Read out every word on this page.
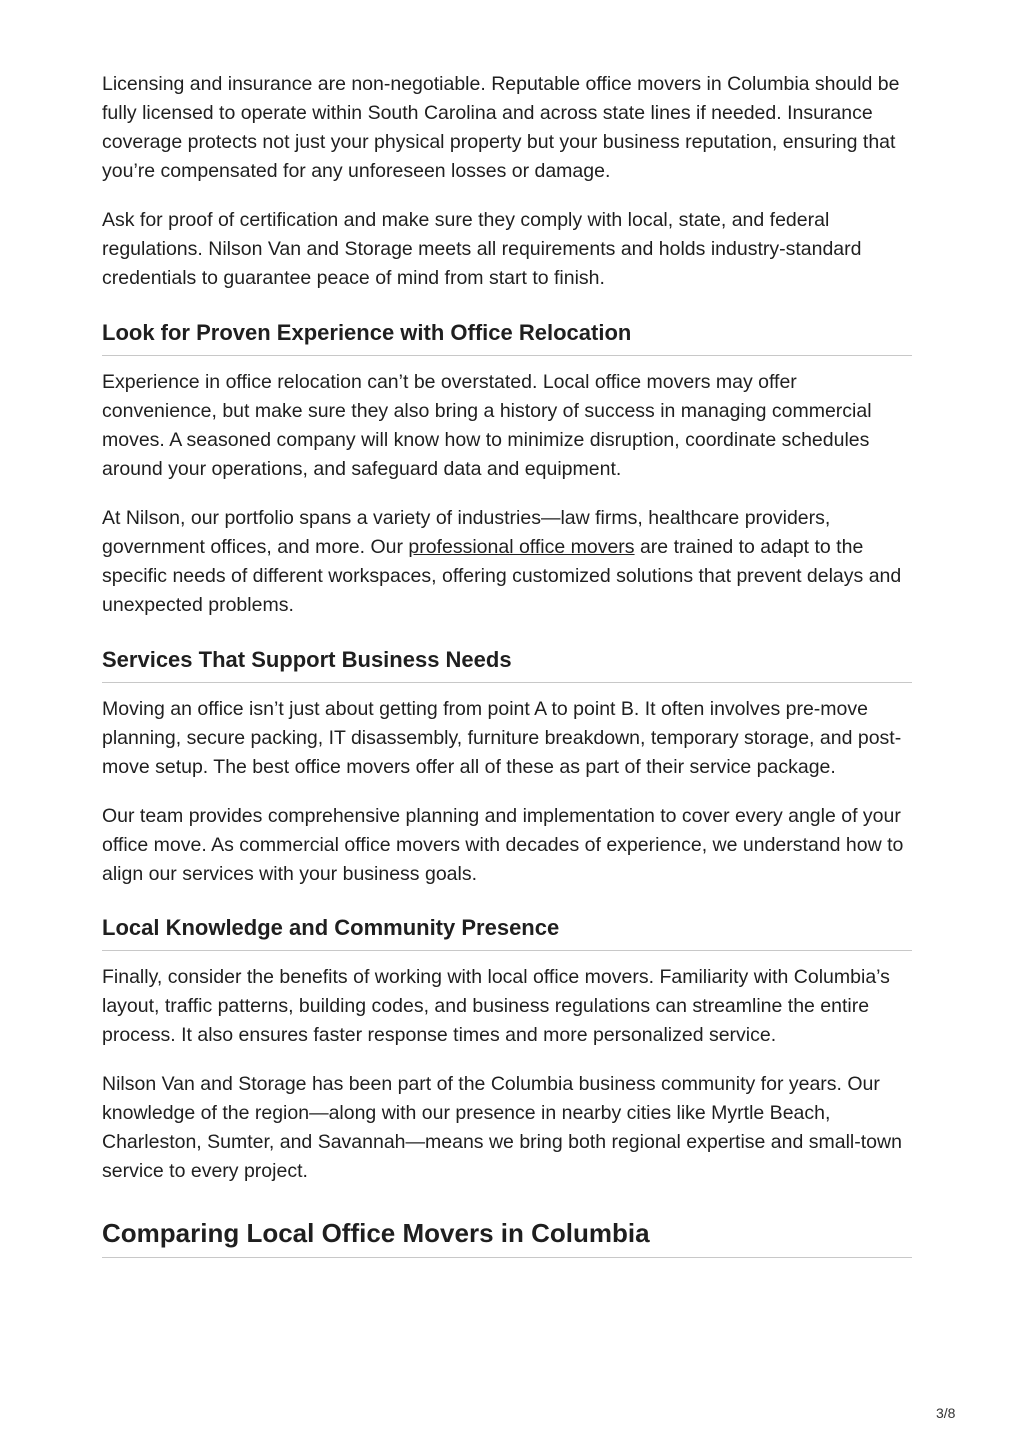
Licensing and insurance are non-negotiable. Reputable office movers in Columbia should be fully licensed to operate within South Carolina and across state lines if needed. Insurance coverage protects not just your physical property but your business reputation, ensuring that you’re compensated for any unforeseen losses or damage.

Ask for proof of certification and make sure they comply with local, state, and federal regulations. Nilson Van and Storage meets all requirements and holds industry-standard credentials to guarantee peace of mind from start to finish.

Look for Proven Experience with Office Relocation

Experience in office relocation can’t be overstated. Local office movers may offer convenience, but make sure they also bring a history of success in managing commercial moves. A seasoned company will know how to minimize disruption, coordinate schedules around your operations, and safeguard data and equipment.

At Nilson, our portfolio spans a variety of industries—law firms, healthcare providers, government offices, and more. Our professional office movers are trained to adapt to the specific needs of different workspaces, offering customized solutions that prevent delays and unexpected problems.

Services That Support Business Needs

Moving an office isn’t just about getting from point A to point B. It often involves pre-move planning, secure packing, IT disassembly, furniture breakdown, temporary storage, and post-move setup. The best office movers offer all of these as part of their service package.

Our team provides comprehensive planning and implementation to cover every angle of your office move. As commercial office movers with decades of experience, we understand how to align our services with your business goals.

Local Knowledge and Community Presence

Finally, consider the benefits of working with local office movers. Familiarity with Columbia’s layout, traffic patterns, building codes, and business regulations can streamline the entire process. It also ensures faster response times and more personalized service.

Nilson Van and Storage has been part of the Columbia business community for years. Our knowledge of the region—along with our presence in nearby cities like Myrtle Beach, Charleston, Sumter, and Savannah—means we bring both regional expertise and small-town service to every project.

Comparing Local Office Movers in Columbia
3/8
